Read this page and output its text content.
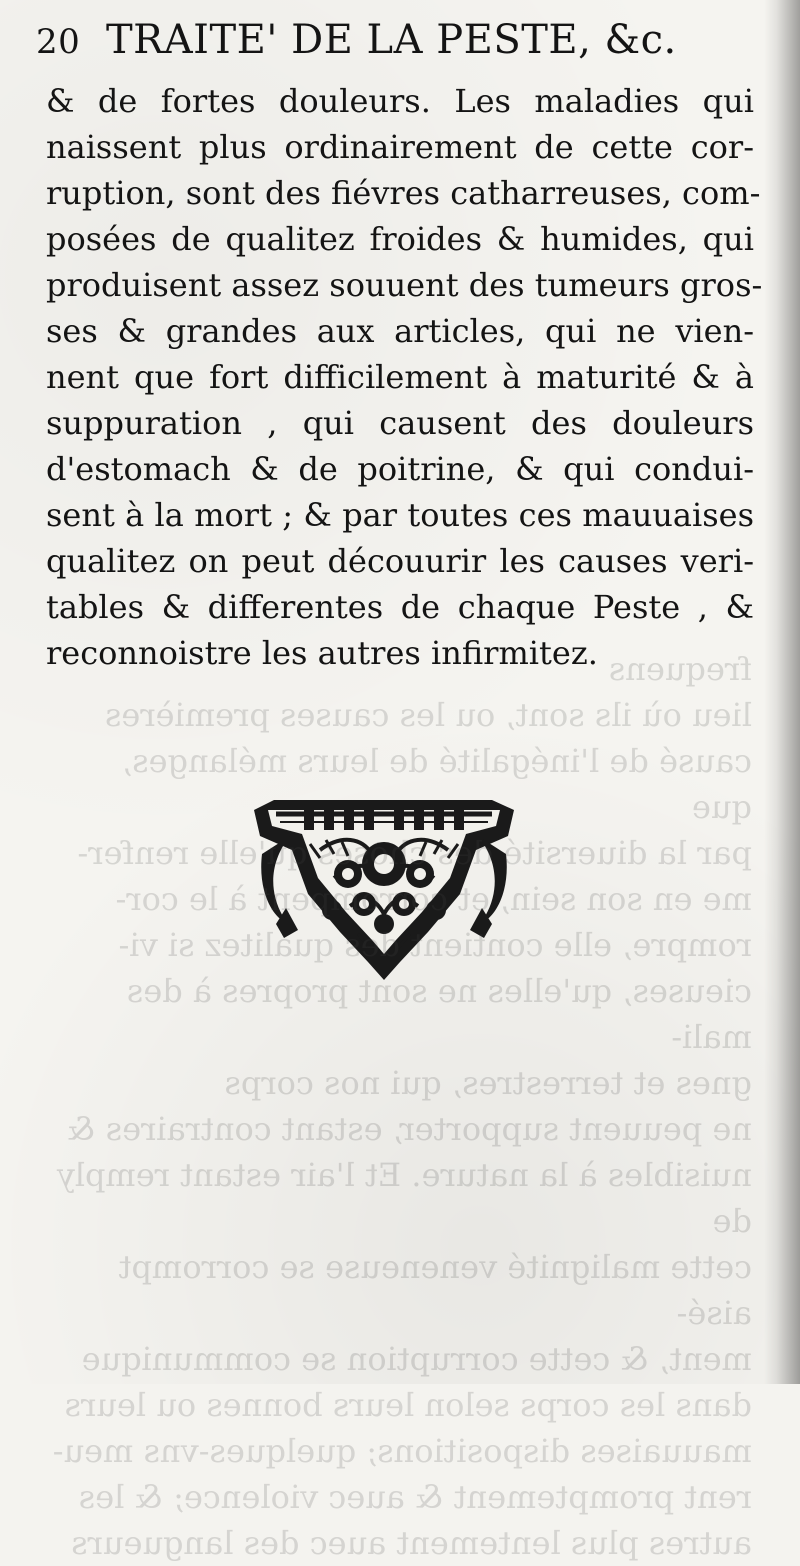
20 TRAITE' DE LA PESTE, &c.
& de fortes douleurs. Les maladies qui
naissent plus ordinairement de cette cor-
ruption, sont des fiévres catharreuses, com-
posées de qualitez froides & humides, qui
produisent assez souuent des tumeurs gros-
ses & grandes aux articles, qui ne vien-
nent que fort difficilement à maturité & à
suppuration , qui causent des douleurs
d'estomach & de poitrine, & qui condui-
sent à la mort ; & par toutes ces mauuaises
qualitez on peut découurir les causes veri-
tables & differentes de chaque Peste , &
reconnoistre les autres infirmitez.
frequens
lieu où ils sont, ou les causes premières
causé de l'inégalité de leurs mélanges, que
par la diuersité qu'elle renfer-
me en son sein, et à le cor-
rompre, elle contient qualitez si vi-
cieuses, qu'elles ne sont propres à des mali-
gnes et terrestres, qui nos corps
ne peuuent supporter, estant contraires &
nuisibles à la nature. Et l'air estant remply de
cette malignité veneneuse se corrompt aisé-
ment, & cette corruption se communique
dans les corps selon leurs bonnes ou leurs
mauuaises dispositions; quelques-vns meu-
rent promptement & auec violence; & les
autres plus lentement auec des langueurs
